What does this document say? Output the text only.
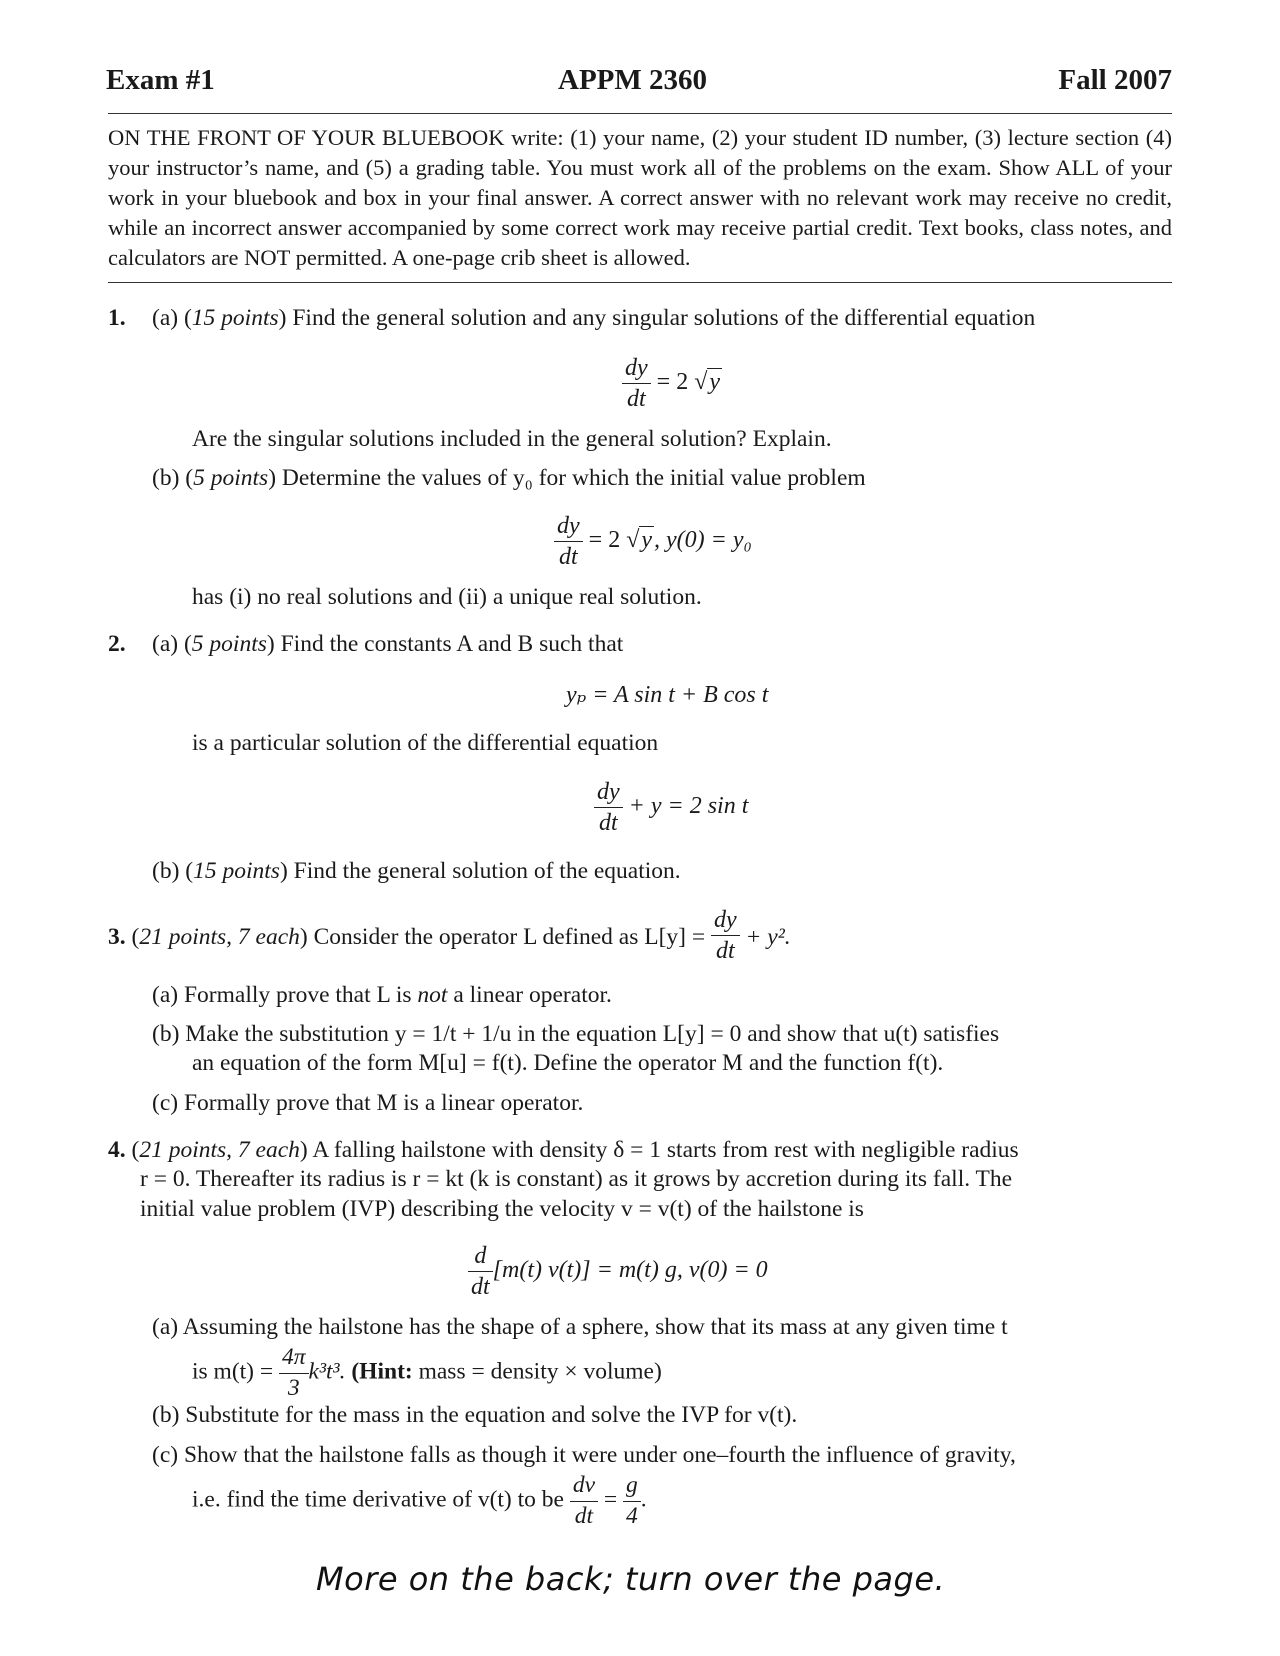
Exam #1	APPM 2360	Fall 2007
ON THE FRONT OF YOUR BLUEBOOK write: (1) your name, (2) your student ID number, (3) lecture section (4) your instructor’s name, and (5) a grading table. You must work all of the problems on the exam. Show ALL of your work in your bluebook and box in your final answer. A correct answer with no relevant work may receive no credit, while an incorrect answer accompanied by some correct work may receive partial credit. Text books, class notes, and calculators are NOT permitted. A one-page crib sheet is allowed.
1. (a) (15 points) Find the general solution and any singular solutions of the differential equation
$\frac{dy}{dt} = 2$ √y
Are the singular solutions included in the general solution? Explain.
(b) (5 points) Determine the values of y₀ for which the initial value problem
$\frac{dy}{dt} = 2$ √y, y(0) = y₀
has (i) no real solutions and (ii) a unique real solution.
2. (a) (5 points) Find the constants A and B such that
yₚ = A sin t + B cos t
is a particular solution of the differential equation
$\frac{dy}{dt} + y = 2$ sin t
(b) (15 points) Find the general solution of the equation.
3. (21 points, 7 each) Consider the operator L defined as $L[y] = \frac{dy}{dt} + y^2$.
(a) Formally prove that L is not a linear operator.
(b) Make the substitution y = 1/t + 1/u in the equation L[y] = 0 and show that u(t) satisfies
an equation of the form M[u] = f(t). Define the operator M and the function f(t).
(c) Formally prove that M is a linear operator.
4. (21 points, 7 each) A falling hailstone with density δ = 1 starts from rest with negligible radius
r = 0. Thereafter its radius is r = kt (k is constant) as it grows by accretion during its fall. The
initial value problem (IVP) describing the velocity v = v(t) of the hailstone is
$\frac{d}{dt} [m(t) v(t)] = m(t)$ g, v(0) = 0
(a) Assuming the hailstone has the shape of a sphere, show that its mass at any given time t
is $m(t) = \frac{4\pi}{3} k^3t^3$. (Hint: mass = density × volume)
(b) Substitute for the mass in the equation and solve the IVP for v(t).
(c) Show that the hailstone falls as though it were under one–fourth the influence of gravity,
i.e. find the time derivative of v(t) to be $\frac{dv}{dt} = \frac{g}{4}$ .
More on the back; turn over the page.
